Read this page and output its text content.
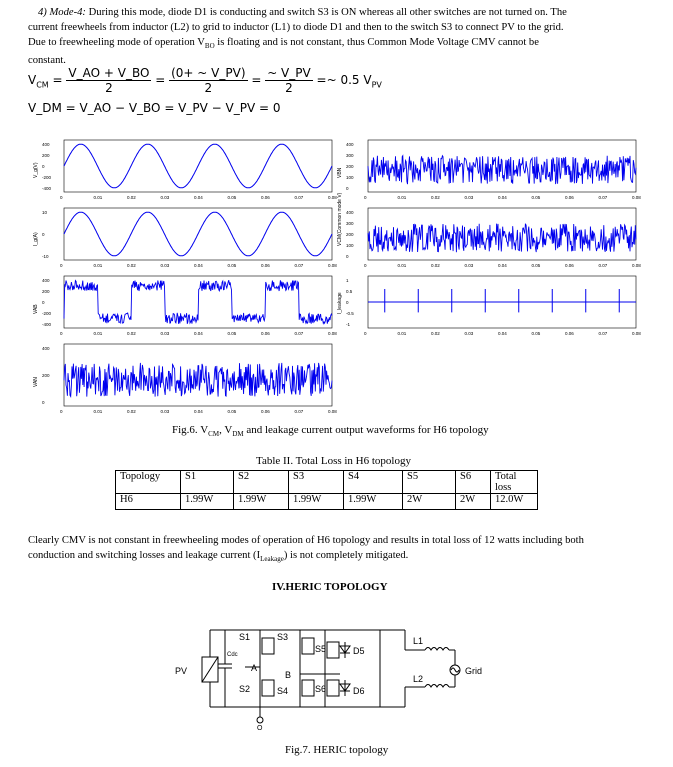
4) Mode-4: During this mode, diode D1 is conducting and switch S3 is ON whereas all other switches are not turned on. The
current freewheels from inductor (L2) to grid to inductor (L1) to diode D1 and then to the switch S3 to connect PV to the grid.
Due to freewheeling mode of operation $V_{BO}$ is floating and is not constant, thus Common Mode Voltage CMV cannot be
constant.
$V_{CM} = \frac{V\_AO + V\_BO}{2} = \frac{(0+ \sim V\_PV)}{2} = \frac{\sim V\_PV}{2}$ =~ 0.5 $V_{PV}$
V_DM = V_AO − V_BO = V_PV − V_PV = 0
400
200
0
-200
-400
V_g(V)
0	0.01	0.02	0.03	0.04	0.05	0.06	0.07	0.08
10
0
-10
I_g(A)
0	0.01	0.02	0.03	0.04	0.05	0.06	0.07	0.08
400
200
0
-200
-400
VAB
0	0.01	0.02	0.03	0.04	0.05	0.06	0.07	0.08
400
200
0
VAN
0	0.01	0.02	0.03	0.04	0.05	0.06	0.07	0.08
400
300
200
100
0
VBN
0	0.01	0.02	0.03	0.04	0.05	0.06	0.07	0.08
400
300
200
100
0
VCM(Common mode V)
0	0.01	0.02	0.03	0.04	0.05	0.06	0.07	0.08
1
0.5
0
-0.5
-1
I_leakage
0	0.01	0.02	0.03	0.04	0.05	0.06	0.07	0.08
Fig.6. $V_{CM}$, $V_{DM}$ and leakage current output waveforms for H6 topology
Table II. Total Loss in H6 topology
Topology	S1	S2	S3	S4	S5	S6	Total loss
H6	1.99W	1.99W	1.99W	1.99W	2W	2W	12.0W
Clearly CMV is not constant in freewheeling modes of operation of H6 topology and results in total loss of 12 watts including both
conduction and switching losses and leakage current $(I_{Leakage})$ is not completely mitigated.
IV.HERIC TOPOLOGY
PV
Cdc
S1
S2
S3
S4
S5
S6
D5
D6
A
B
L1
L2
Grid
O
Fig.7. HERIC topology
